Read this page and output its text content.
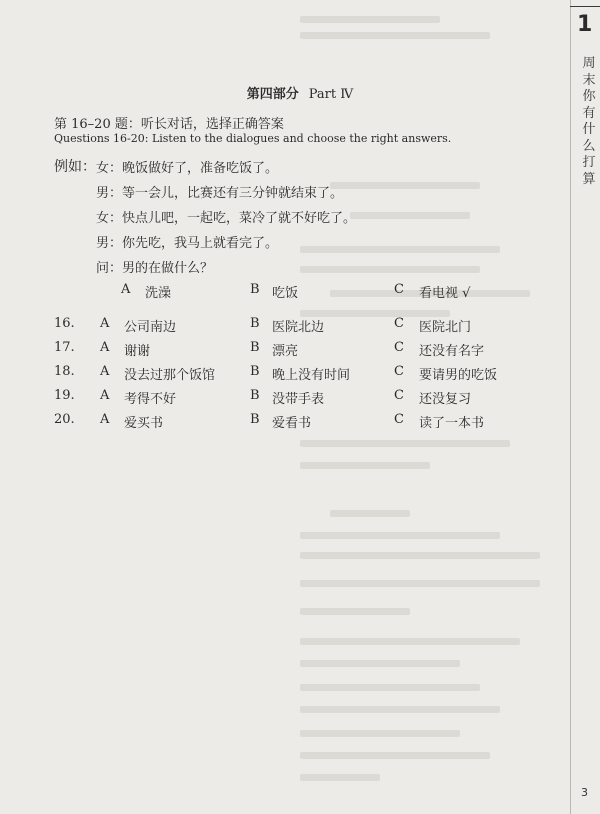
1
周
末
你
有
什
么
打
算
3
第四部分 Part Ⅳ
第 16–20 题：听长对话，选择正确答案
Questions 16-20: Listen to the dialogues and choose the right answers.
例如： 女：晚饭做好了，准备吃饭了。
男：等一会儿，比赛还有三分钟就结束了。
女：快点儿吧，一起吃，菜冷了就不好吃了。
男：你先吃，我马上就看完了。
问：男的在做什么？
A 洗澡	B 吃饭	C 看电视 √
16. A 公司南边	B 医院北边	C 医院北门
17. A 谢谢	B 漂亮	C 还没有名字
18. A 没去过那个饭馆	B 晚上没有时间	C 要请男的吃饭
19. A 考得不好	B 没带手表	C 还没复习
20. A 爱买书	B 爱看书	C 读了一本书
